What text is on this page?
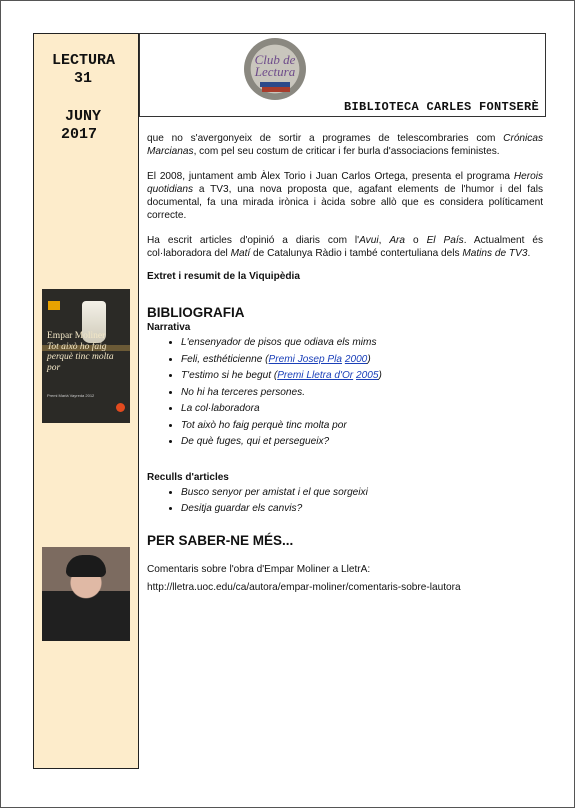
LECTURA
31
JUNY
2017
Empar Moliner
Tot això ho faig perquè tinc molta por
Premi Marià Vayreda 2012
Club de Lectura
BIBLIOTECA CARLES FONTSERÈ

que no s'avergonyeix de sortir a programes de telescombraries com Crónicas Marcianas, com pel seu costum de criticar i fer burla d'associacions feministes.

El 2008, juntament amb Àlex Torio i Juan Carlos Ortega, presenta el programa Herois quotidians a TV3, una nova proposta que, agafant elements de l'humor i del fals documental, fa una mirada irònica i àcida sobre allò que es considera políticament correcte.

Ha escrit articles d'opinió a diaris com l'Avui, Ara o El País. Actualment és col·laboradora del Matí de Catalunya Ràdio i també contertuliana dels Matins de TV3.

Extret i resumit de la Viquipèdia

BIBLIOGRAFIA
Narrativa
• L'ensenyador de pisos que odiava els mims
• Feli, esthéticienne (Premi Josep Pla 2000)
• T'estimo si he begut (Premi Lletra d'Or 2005)
• No hi ha terceres persones.
• La col·laboradora
• Tot això ho faig perquè tinc molta por
• De què fuges, qui et persegueix?
Reculls d'articles
• Busco senyor per amistat i el que sorgeixi
• Desitja guardar els canvis?
PER SABER-NE MÉS...

Comentaris sobre l'obra d'Empar Moliner a LletrA:

http://lletra.uoc.edu/ca/autora/empar-moliner/comentaris-sobre-lautora
